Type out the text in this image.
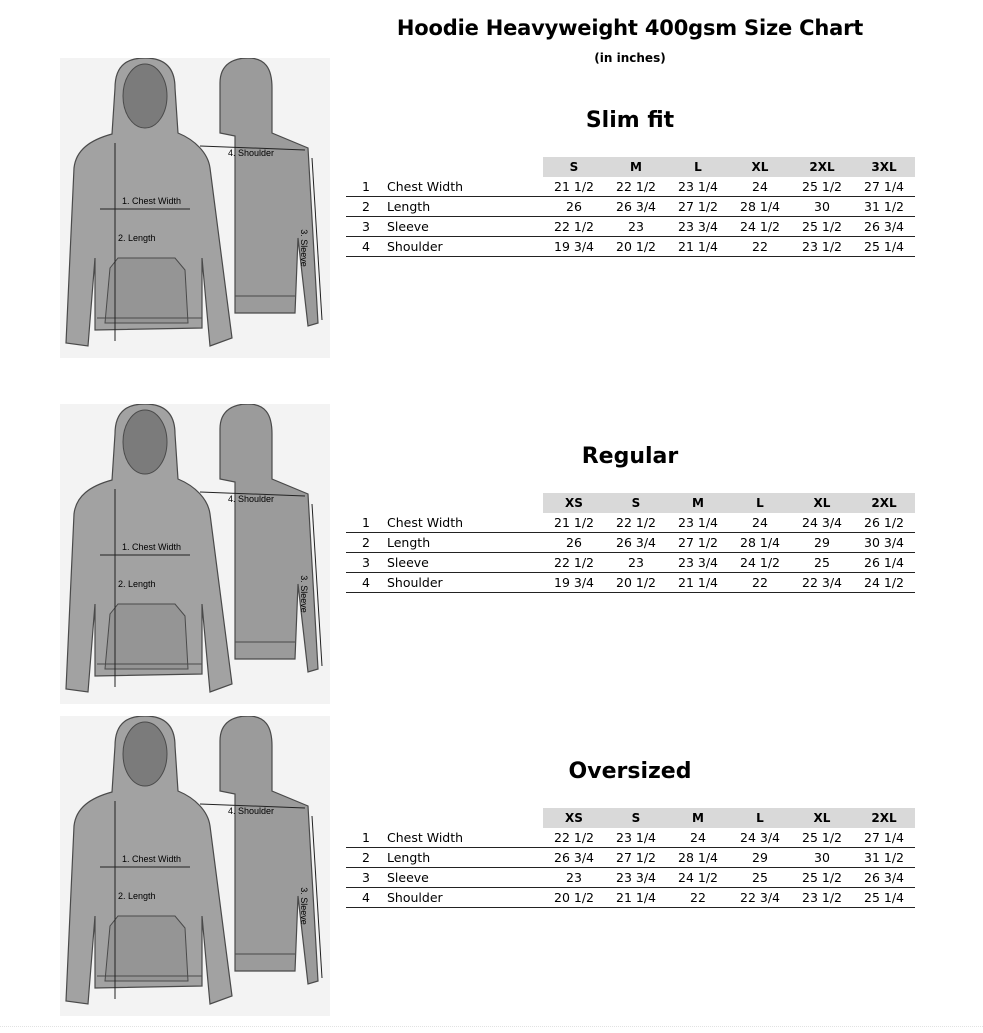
Hoodie Heavyweight 400gsm Size Chart
(in inches)
1. Chest Width
2. Length
4. Shoulder
3. Sleeve
Slim fit
		S	M	L	XL	2XL	3XL
1	Chest Width	21 1/2	22 1/2	23 1/4	24	25 1/2	27 1/4
2	Length	26	26 3/4	27 1/2	28 1/4	30	31 1/2
3	Sleeve	22 1/2	23	23 3/4	24 1/2	25 1/2	26 3/4
4	Shoulder	19 3/4	20 1/2	21 1/4	22	23 1/2	25 1/4
1. Chest Width
2. Length
4. Shoulder
3. Sleeve
Regular
		XS	S	M	L	XL	2XL
1	Chest Width	21 1/2	22 1/2	23 1/4	24	24 3/4	26 1/2
2	Length	26	26 3/4	27 1/2	28 1/4	29	30 3/4
3	Sleeve	22 1/2	23	23 3/4	24 1/2	25	26 1/4
4	Shoulder	19 3/4	20 1/2	21 1/4	22	22 3/4	24 1/2
1. Chest Width
2. Length
4. Shoulder
3. Sleeve
Oversized
		XS	S	M	L	XL	2XL
1	Chest Width	22 1/2	23 1/4	24	24 3/4	25 1/2	27 1/4
2	Length	26 3/4	27 1/2	28 1/4	29	30	31 1/2
3	Sleeve	23	23 3/4	24 1/2	25	25 1/2	26 3/4
4	Shoulder	20 1/2	21 1/4	22	22 3/4	23 1/2	25 1/4
